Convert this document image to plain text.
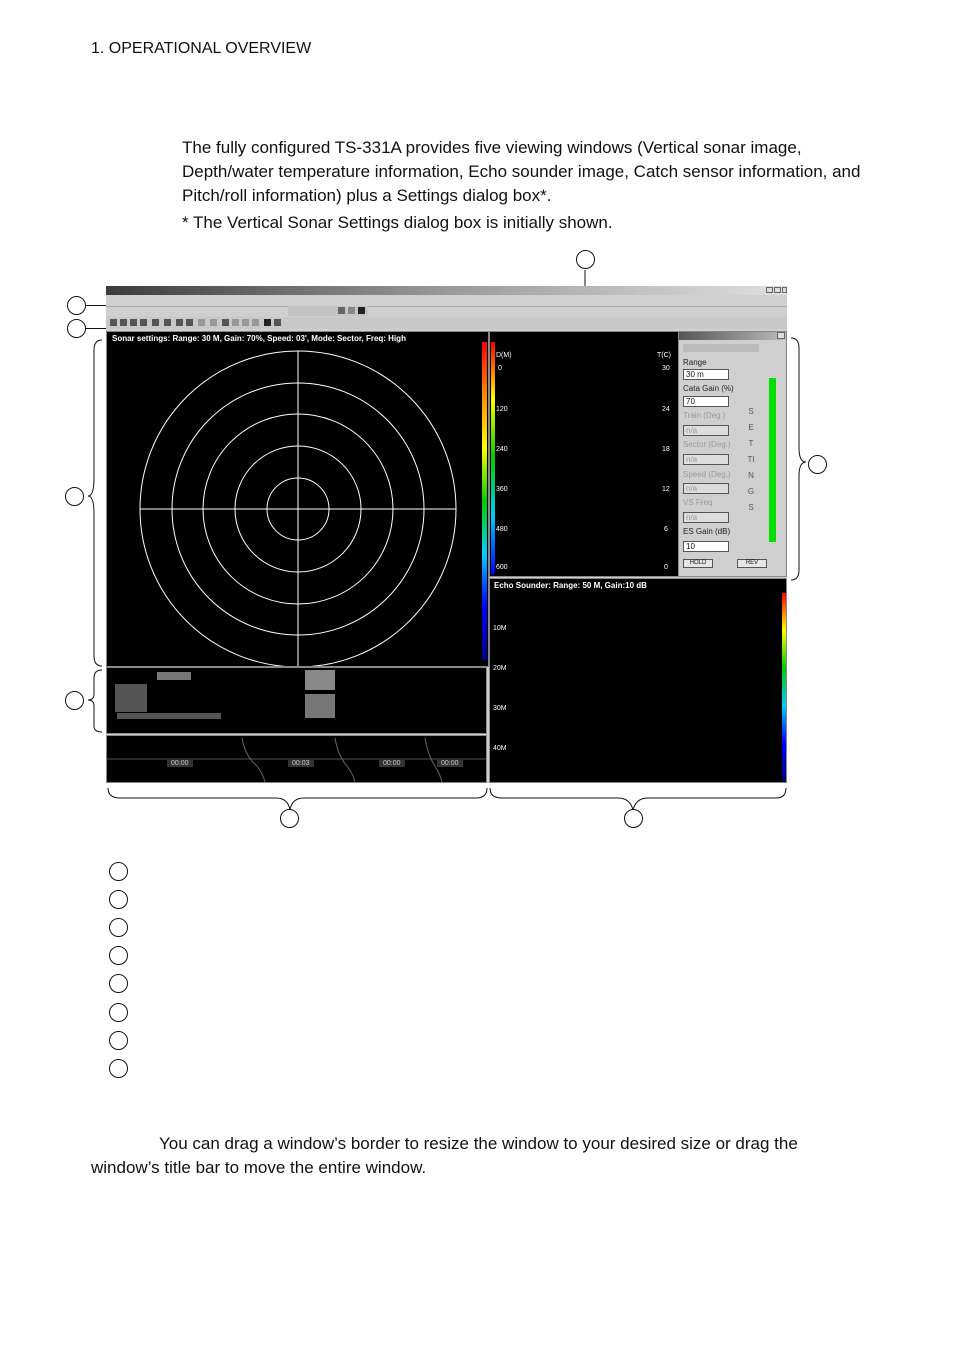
1. OPERATIONAL OVERVIEW

The fully configured TS-331A provides five viewing windows (Vertical sonar image, Depth/water temperature information, Echo sounder image, Catch sensor information, and Pitch/roll information) plus a Settings dialog box*.

* The Vertical Sonar Settings dialog box is initially shown.
You can drag a window’s border to resize the window to your desired size or drag the window’s title bar to move the entire window.
Sonar settings: Range: 30 M, Gain: 70%, Speed: 03', Mode: Sector, Freq: High
D(M)	T(C)
0	30
120	24
240	18
360	12
480	6
600	0
Range
30 m
Cata Gain (%)
70
Train (Deg.)
n/a
Sector (Deg.)
n/a
Speed (Deg.)
n/a
VS Freq
n/a
ES Gain (dB)
10
SETTINGS
HOLD	REV
Echo Sounder: Range: 50 M, Gain:10 dB
10M
20M
30M
40M
00:00	00:03	00:00	00:00
